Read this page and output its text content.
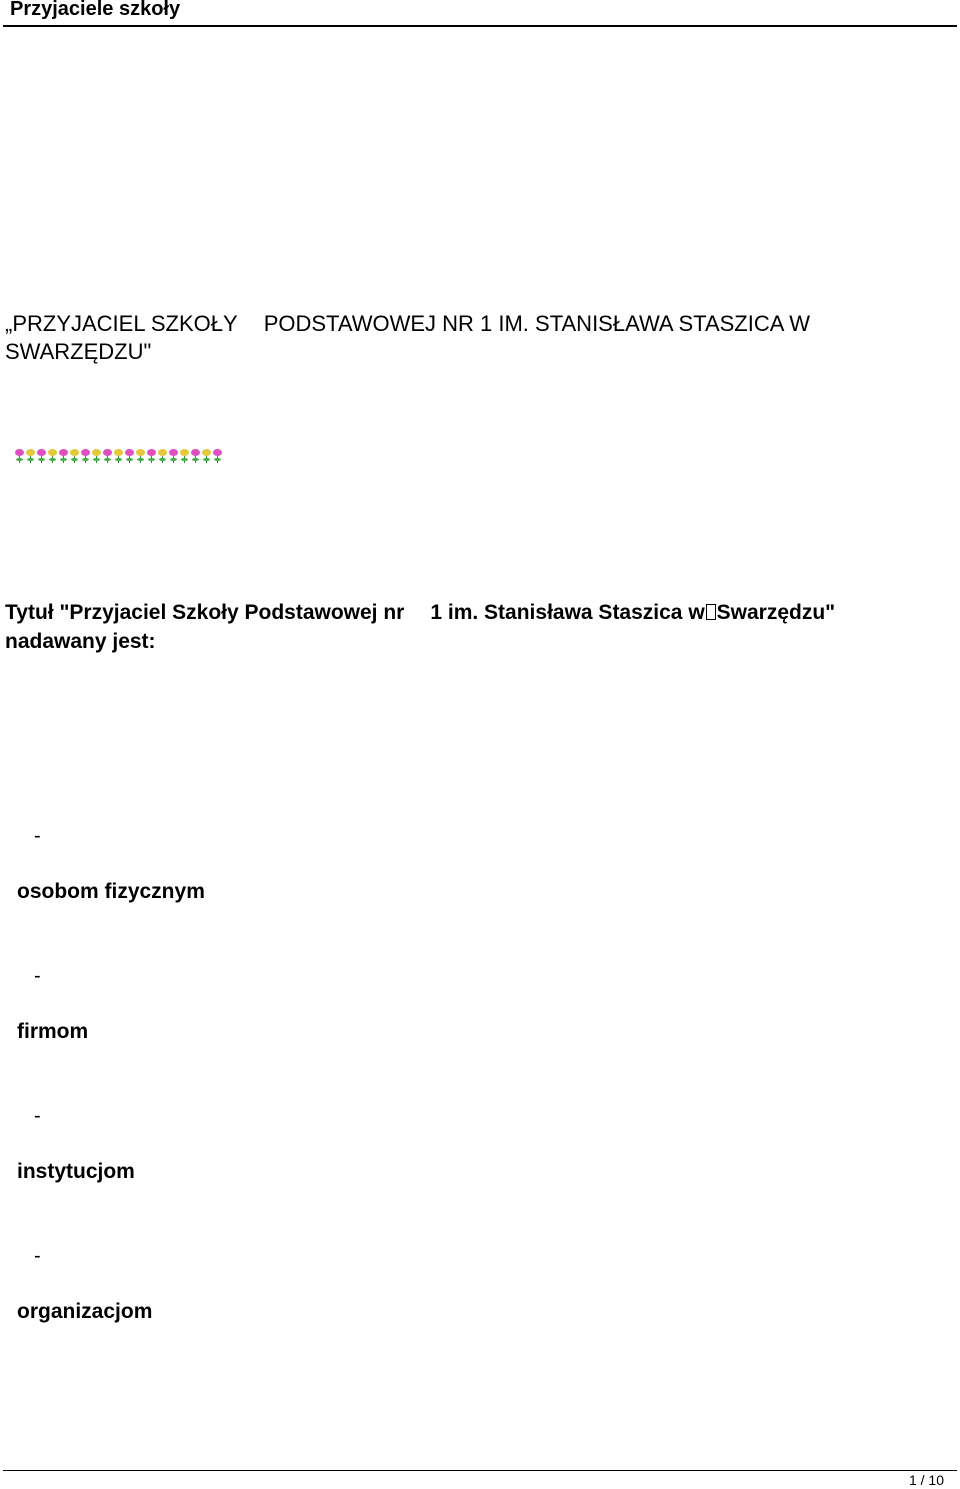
Przyjaciele szkoły
„PRZYJACIEL SZKOŁY PODSTAWOWEJ NR 1 IM. STANISŁAWA STASZICA W
SWARZĘDZU"
Tytuł "Przyjaciel Szkoły Podstawowej nr 1 im. Stanisława Staszica w Swarzędzu"
nadawany jest:
-
osobom fizycznym
-
firmom
-
instytucjom
-
organizacjom
1 / 10
